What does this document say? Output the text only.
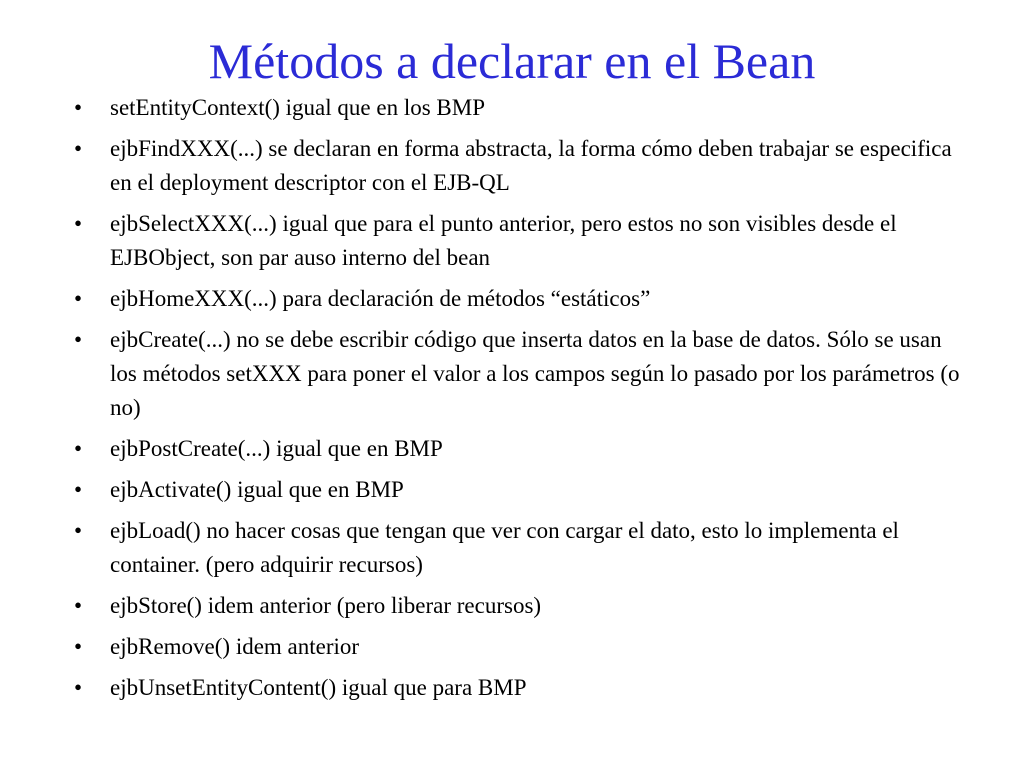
Métodos a declarar en el Bean
• setEntityContext() igual que en los BMP
• ejbFindXXX(...) se declaran en forma abstracta, la forma cómo deben trabajar se especifica en el deployment descriptor con el EJB-QL
• ejbSelectXXX(...) igual que para el punto anterior, pero estos no son visibles desde el EJBObject, son par auso interno del bean
• ejbHomeXXX(...) para declaración de métodos “estáticos”
• ejbCreate(...) no se debe escribir código que inserta datos en la base de datos. Sólo se usan los métodos setXXX para poner el valor a los campos según lo pasado por los parámetros (o no)
• ejbPostCreate(...) igual que en BMP
• ejbActivate() igual que en BMP
• ejbLoad() no hacer cosas que tengan que ver con cargar el dato, esto lo implementa el container. (pero adquirir recursos)
• ejbStore() idem anterior (pero liberar recursos)
• ejbRemove() idem anterior
• ejbUnsetEntityContent() igual que para BMP
